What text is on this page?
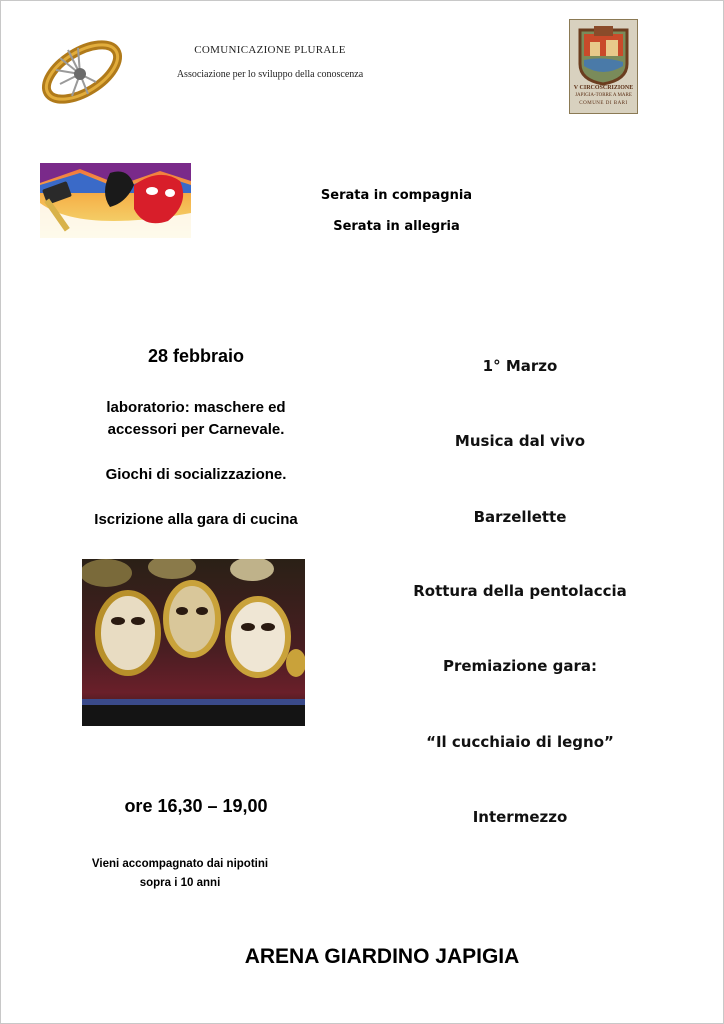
COMUNICAZIONE PLURALE
Associazione per lo sviluppo della conoscenza
V CIRCOSCRIZIONE
JAPIGIA-TORRE A MARE
COMUNE DI BARI
Serata in compagnia
Serata in allegria
28 febbraio
laboratorio: maschere ed
accessori per Carnevale.
Giochi di socializzazione.
Iscrizione alla gara di cucina
ore 16,30 – 19,00
Vieni accompagnato dai nipotini
sopra i 10 anni
1° Marzo
Musica dal vivo
Barzellette
Rottura della pentolaccia
Premiazione gara:
“Il cucchiaio di legno”
Intermezzo
ARENA GIARDINO JAPIGIA
